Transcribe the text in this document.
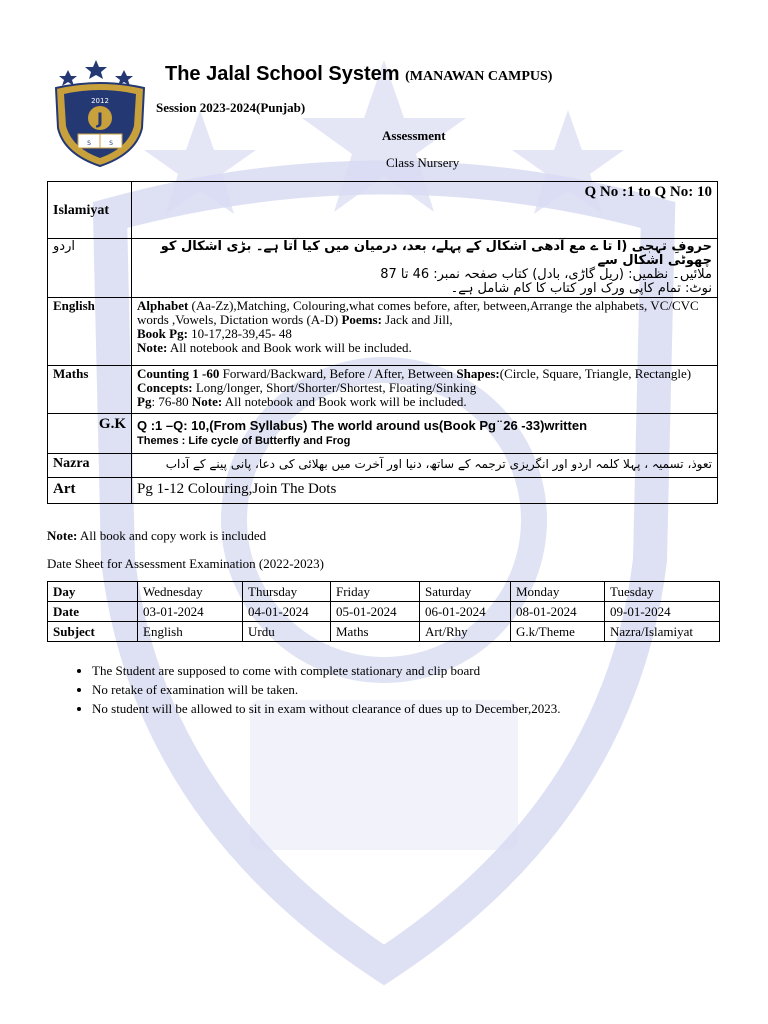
2012
J
S	S
The Jalal School System (MANAWAN CAMPUS)
Session 2023-2024(Punjab)
Assessment
Class Nursery
Islamiyat	Q No :1 to Q No: 10
اردو	حروفِ تہجی (ا تا ے مع آدھی اشکال کے پہلے، بعد، درمیان میں کیا آتا ہے۔ بڑی اشکال کو چھوٹی اشکال سے
ملائیں۔ نظمیں: (ریل گاڑی، بادل) کتاب صفحہ نمبر: 46 تا 87
نوٹ: تمام کاپی ورک اور کتاب کا کام شامل ہے۔

English	Alphabet (Aa-Zz),Matching, Colouring,what comes before, after, between,Arrange the alphabets, VC/CVC words ,Vowels, Dictation words (A-D) Poems: Jack and Jill,
Book Pg: 10-17,28-39,45- 48
Note: All notebook and Book work will be included.
Maths	Counting 1 -60 Forward/Backward, Before / After, Between Shapes:(Circle, Square, Triangle, Rectangle) Concepts: Long/longer, Short/Shorter/Shortest, Floating/Sinking
Pg: 76-80 Note: All notebook and Book work will be included.
G.K	Q :1 –Q: 10,(From Syllabus) The world around us(Book Pg ̈ 26 -33)written
Themes : Life cycle of Butterfly and Frog

Nazra	تعوذ، تسمیہ ، پہلا کلمہ اردو اور انگریزی ترجمہ کے ساتھ، دنیا اور آخرت میں بھلائی کی دعا، پانی پینے کے آداب
Art	Pg 1-12 Colouring,Join The Dots
Note: All book and copy work is included
Date Sheet for Assessment Examination (2022-2023)
Day	Wednesday	Thursday	Friday	Saturday	Monday	Tuesday
Date	03-01-2024	04-01-2024	05-01-2024	06-01-2024	08-01-2024	09-01-2024
Subject	English	Urdu	Maths	Art/Rhy	G.k/Theme	Nazra/Islamiyat
• The Student are supposed to come with complete stationary and clip board
• No retake of examination will be taken.
• No student will be allowed to sit in exam without clearance of dues up to December,2023.
